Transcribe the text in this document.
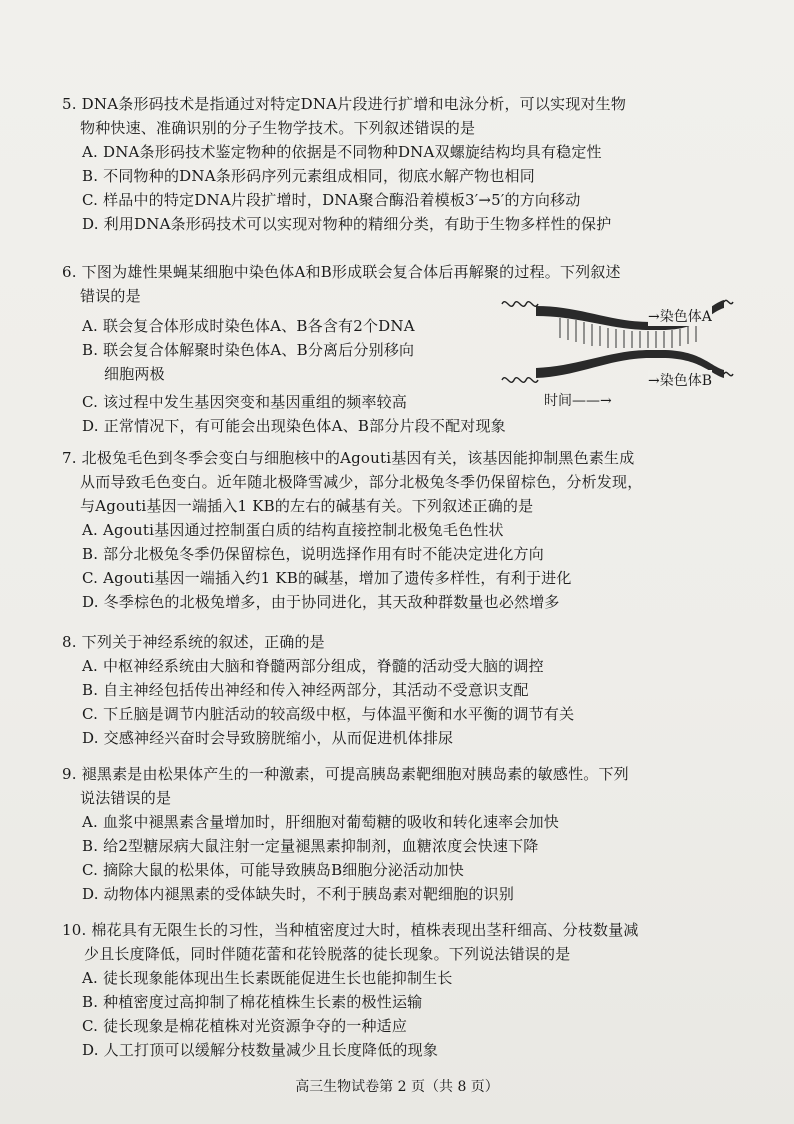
5. DNA条形码技术是指通过对特定DNA片段进行扩增和电泳分析，可以实现对生物

物种快速、准确识别的分子生物学技术。下列叙述错误的是

A. DNA条形码技术鉴定物种的依据是不同物种DNA双螺旋结构均具有稳定性

B. 不同物种的DNA条形码序列元素组成相同，彻底水解产物也相同

C. 样品中的特定DNA片段扩增时，DNA聚合酶沿着模板3′→5′的方向移动

D. 利用DNA条形码技术可以实现对物种的精细分类，有助于生物多样性的保护

6. 下图为雄性果蝇某细胞中染色体A和B形成联会复合体后再解聚的过程。下列叙述

错误的是

A. 联会复合体形成时染色体A、B各含有2个DNA

B. 联会复合体解聚时染色体A、B分离后分别移向

细胞两极

C. 该过程中发生基因突变和基因重组的频率较高

D. 正常情况下，有可能会出现染色体A、B部分片段不配对现象

→染色体A
→染色体B
时间——→

7. 北极兔毛色到冬季会变白与细胞核中的Agouti基因有关，该基因能抑制黑色素生成

从而导致毛色变白。近年随北极降雪减少，部分北极兔冬季仍保留棕色，分析发现，

与Agouti基因一端插入1 KB的左右的碱基有关。下列叙述正确的是

A. Agouti基因通过控制蛋白质的结构直接控制北极兔毛色性状

B. 部分北极兔冬季仍保留棕色，说明选择作用有时不能决定进化方向

C. Agouti基因一端插入约1 KB的碱基，增加了遗传多样性，有利于进化

D. 冬季棕色的北极兔增多，由于协同进化，其天敌种群数量也必然增多

8. 下列关于神经系统的叙述，正确的是

A. 中枢神经系统由大脑和脊髓两部分组成，脊髓的活动受大脑的调控

B. 自主神经包括传出神经和传入神经两部分，其活动不受意识支配

C. 下丘脑是调节内脏活动的较高级中枢，与体温平衡和水平衡的调节有关

D. 交感神经兴奋时会导致膀胱缩小，从而促进机体排尿

9. 褪黑素是由松果体产生的一种激素，可提高胰岛素靶细胞对胰岛素的敏感性。下列

说法错误的是

A. 血浆中褪黑素含量增加时，肝细胞对葡萄糖的吸收和转化速率会加快

B. 给2型糖尿病大鼠注射一定量褪黑素抑制剂，血糖浓度会快速下降

C. 摘除大鼠的松果体，可能导致胰岛B细胞分泌活动加快

D. 动物体内褪黑素的受体缺失时，不利于胰岛素对靶细胞的识别

10. 棉花具有无限生长的习性，当种植密度过大时，植株表现出茎秆细高、分枝数量减

少且长度降低，同时伴随花蕾和花铃脱落的徒长现象。下列说法错误的是

A. 徒长现象能体现出生长素既能促进生长也能抑制生长

B. 种植密度过高抑制了棉花植株生长素的极性运输

C. 徒长现象是棉花植株对光资源争夺的一种适应

D. 人工打顶可以缓解分枝数量减少且长度降低的现象

高三生物试卷第 2 页（共 8 页）
